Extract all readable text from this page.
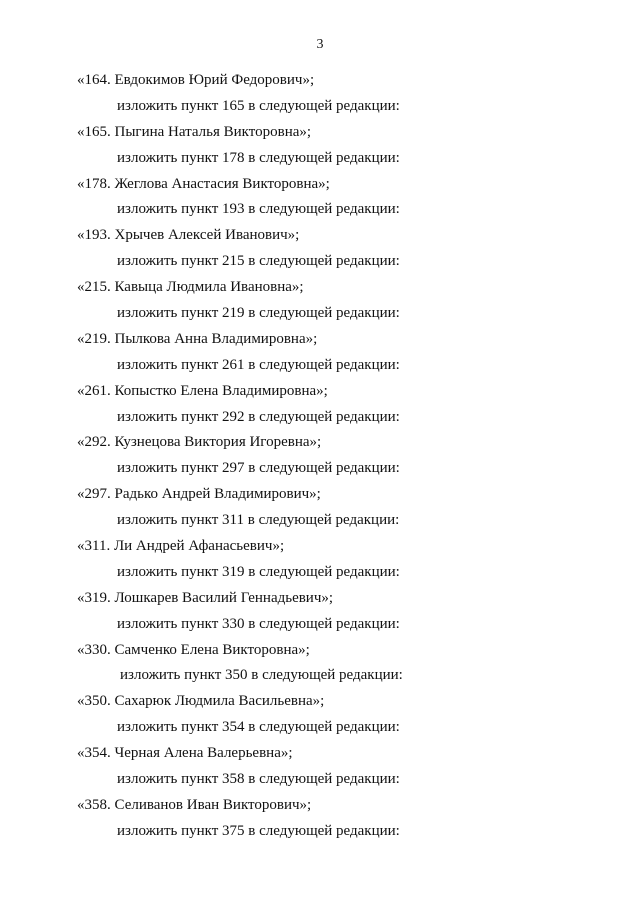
3
«164. Евдокимов Юрий Федорович»;
изложить пункт 165 в следующей редакции:
«165. Пыгина Наталья Викторовна»;
изложить пункт 178 в следующей редакции:
«178. Жеглова Анастасия Викторовна»;
изложить пункт 193 в следующей редакции:
«193. Хрычев Алексей Иванович»;
изложить пункт 215 в следующей редакции:
«215. Кавыца Людмила Ивановна»;
изложить пункт 219 в следующей редакции:
«219. Пылкова Анна Владимировна»;
изложить пункт 261 в следующей редакции:
«261. Копыстко Елена Владимировна»;
изложить пункт 292 в следующей редакции:
«292. Кузнецова Виктория Игоревна»;
изложить пункт 297 в следующей редакции:
«297. Радько Андрей Владимирович»;
изложить пункт 311 в следующей редакции:
«311. Ли Андрей Афанасьевич»;
изложить пункт 319 в следующей редакции:
«319. Лошкарев Василий Геннадьевич»;
изложить пункт 330 в следующей редакции:
«330. Самченко Елена Викторовна»;
изложить пункт 350 в следующей редакции:
«350. Сахарюк Людмила Васильевна»;
изложить пункт 354 в следующей редакции:
«354. Черная Алена Валерьевна»;
изложить пункт 358 в следующей редакции:
«358. Селиванов Иван Викторович»;
изложить пункт 375 в следующей редакции:
